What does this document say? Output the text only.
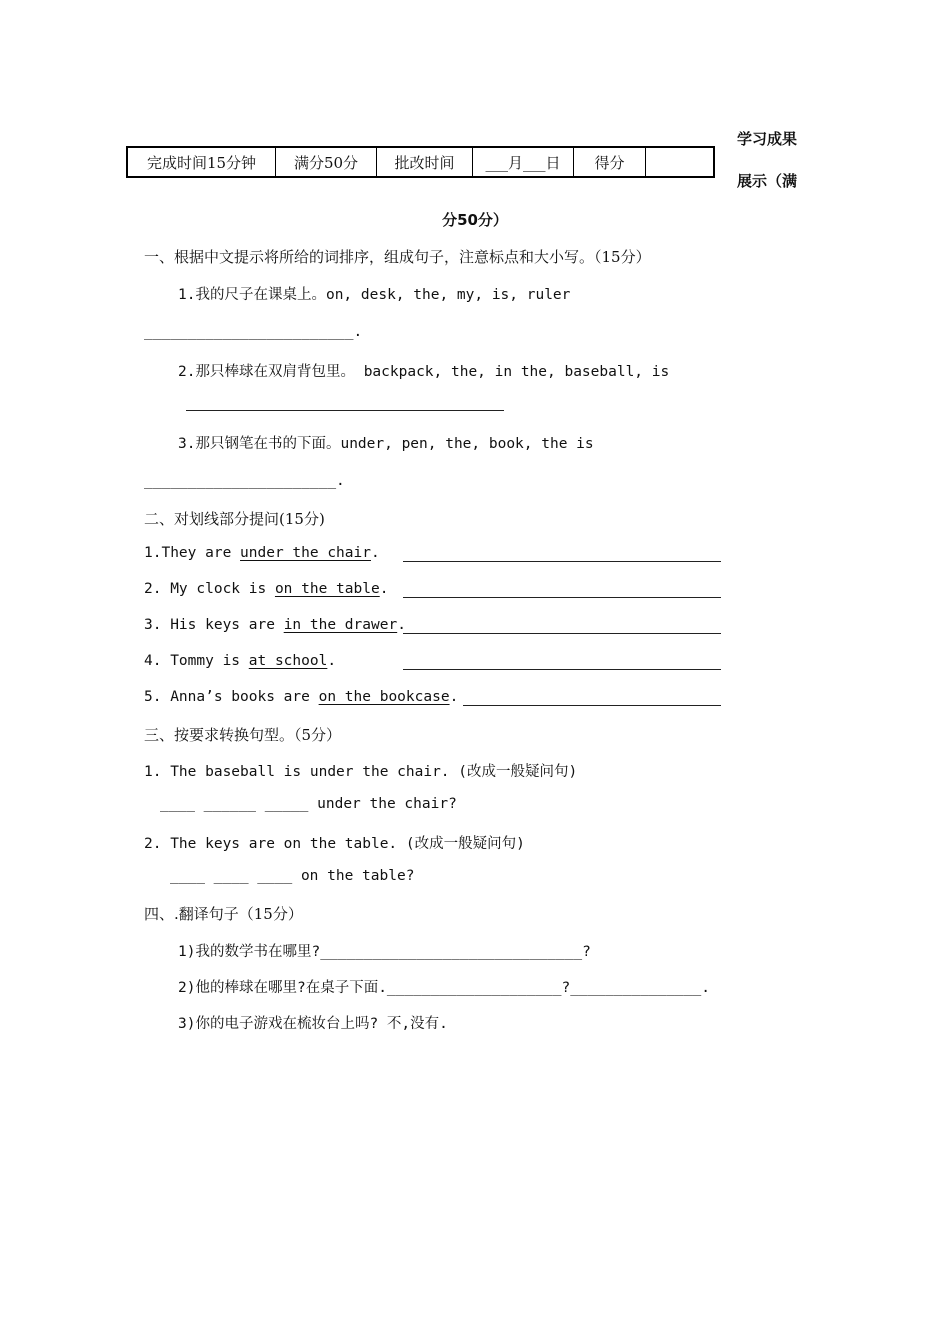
完成时间15分钟	满分50分	批改时间	___月___日	得分
学习成果
展示（满
分50分）
一、根据中文提示将所给的词排序，组成句子，注意标点和大小写。（15分）
1.我的尺子在课桌上。on, desk, the, my, is, ruler
________________________.
2.那只棒球在双肩背包里。 backpack, the, in the, baseball, is
3.那只钢笔在书的下面。under, pen, the, book, the is
______________________.
二、对划线部分提问(15分)
1.They are under the chair.
2. My clock is on the table.
3. His keys are in the drawer.
4. Tommy is at school.
5. Anna’s books are on the bookcase.
三、按要求转换句型。（5分）
1. The baseball is under the chair. (改成一般疑问句)
____ ______ _____ under the chair?
2. The keys are on the table. (改成一般疑问句)
____ ____ ____ on the table?
四、.翻译句子（15分）
1)我的数学书在哪里?______________________________?
2)他的棒球在哪里?在桌子下面.____________________?_______________.
3)你的电子游戏在梳妆台上吗? 不,没有.
